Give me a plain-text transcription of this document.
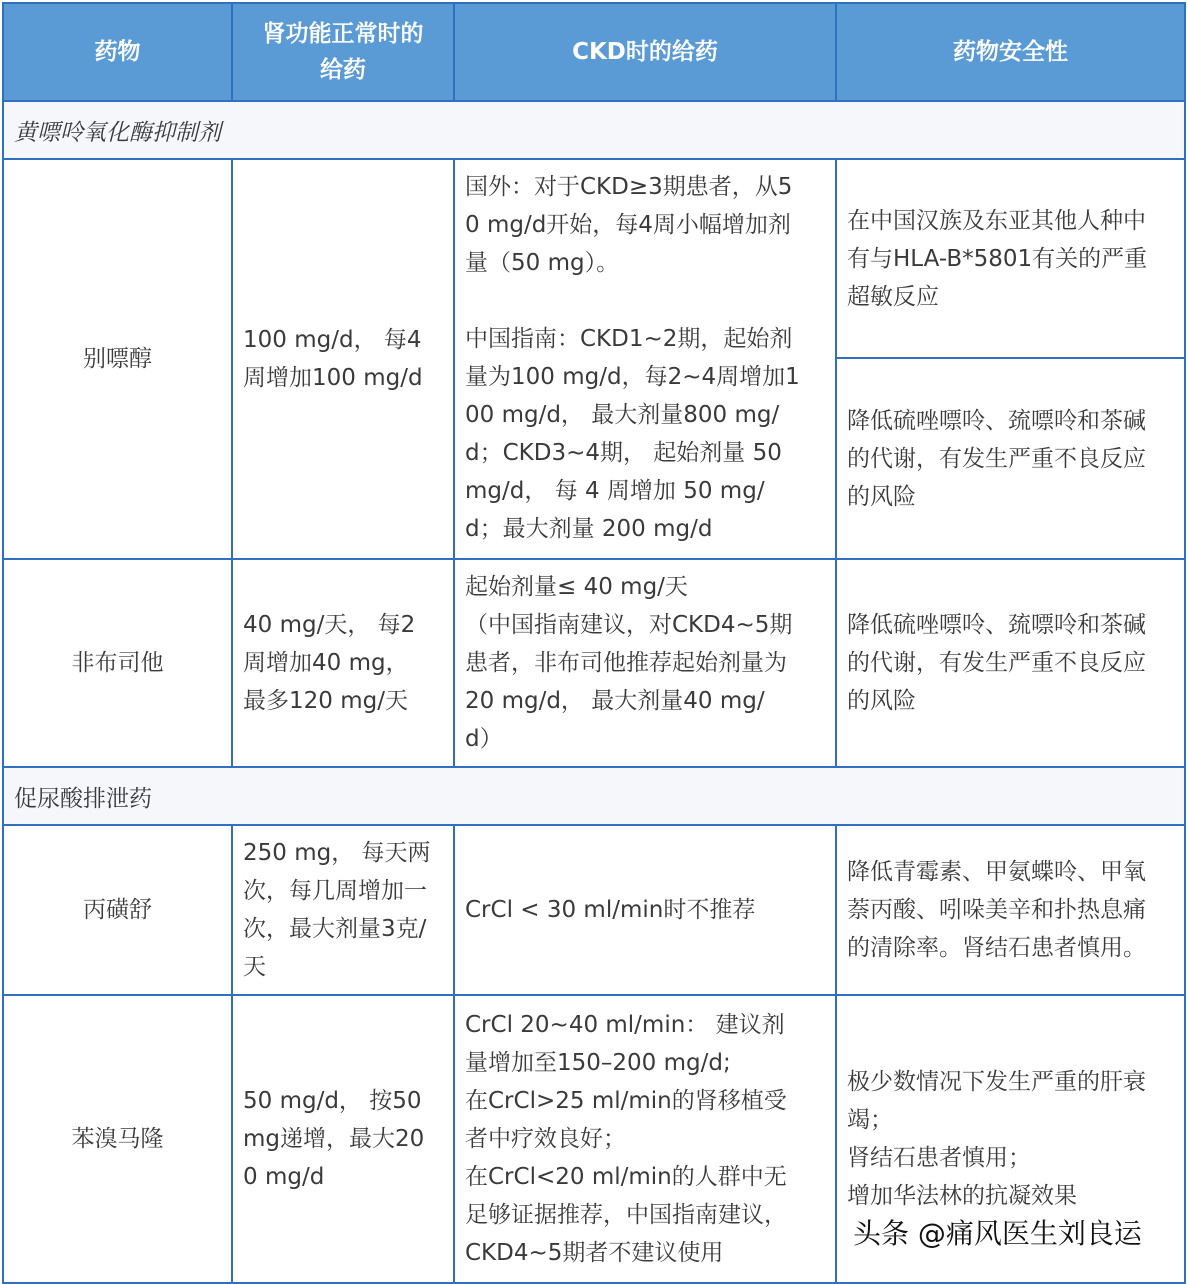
药物
肾功能正常时的
给药
CKD时的给药	药物安全性
黄嘌呤氧化酶抑制剂
别嘌醇
100 mg/d， 每4
周增加100 mg/d
国外：对于CKD≥3期患者，从5
0 mg/d开始，每4周小幅增加剂
量（50 mg）。
中国指南：CKD1~2期，起始剂
量为100 mg/d，每2~4周增加1
00 mg/d， 最大剂量800 mg/
d；CKD3~4期， 起始剂量 50
mg/d， 每 4 周增加 50 mg/
d；最大剂量 200 mg/d
在中国汉族及东亚其他人种中
有与HLA-B*5801有关的严重
超敏反应
降低硫唑嘌呤、巯嘌呤和茶碱
的代谢，有发生严重不良反应
的风险
非布司他
40 mg/天， 每2
周增加40 mg，
最多120 mg/天
起始剂量≤ 40 mg/天
（中国指南建议，对CKD4~5期
患者，非布司他推荐起始剂量为
20 mg/d， 最大剂量40 mg/
d）
降低硫唑嘌呤、巯嘌呤和茶碱
的代谢，有发生严重不良反应
的风险
促尿酸排泄药
丙磺舒
250 mg， 每天两
次，每几周增加一
次，最大剂量3克/
天
CrCl < 30 ml/min时不推荐
降低青霉素、甲氨蝶呤、甲氧
萘丙酸、吲哚美辛和扑热息痛
的清除率。肾结石患者慎用。
苯溴马隆
50 mg/d， 按50
mg递增，最大20
0 mg/d
CrCl 20~40 ml/min： 建议剂
量增加至150–200 mg/d;
在CrCl>25 ml/min的肾移植受
者中疗效良好；
在CrCl<20 ml/min的人群中无
足够证据推荐，中国指南建议，
CKD4~5期者不建议使用
极少数情况下发生严重的肝衰
竭；
肾结石患者慎用；
增加华法林的抗凝效果
头条 @痛风医生刘良运
